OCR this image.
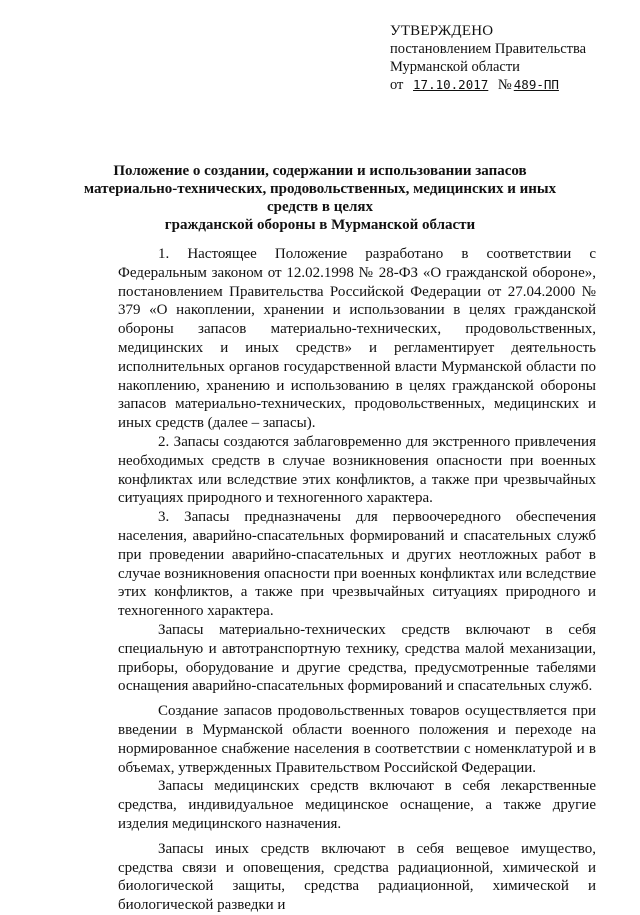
УТВЕРЖДЕНО
постановлением Правительства
Мурманской области
от 17.10.2017 № 489-ПП
Положение о создании, содержании и использовании запасов
материально-технических, продовольственных, медицинских и иных
средств в целях
гражданской обороны в Мурманской области

1. Настоящее Положение разработано в соответствии с Федеральным законом от 12.02.1998 № 28-ФЗ «О гражданской обороне», постановлением Правительства Российской Федерации от 27.04.2000 № 379 «О накоплении, хранении и использовании в целях гражданской обороны запасов материально-технических, продовольственных, медицинских и иных средств» и регламентирует деятельность исполнительных органов государственной власти Мурманской области по накоплению, хранению и использованию в целях гражданской обороны запасов материально-технических, продовольственных, медицинских и иных средств (далее – запасы).

2. Запасы создаются заблаговременно для экстренного привлечения необходимых средств в случае возникновения опасности при военных конфликтах или вследствие этих конфликтов, а также при чрезвычайных ситуациях природного и техногенного характера.

3. Запасы предназначены для первоочередного обеспечения населения, аварийно-спасательных формирований и спасательных служб при проведении аварийно-спасательных и других неотложных работ в случае возникновения опасности при военных конфликтах или вследствие этих конфликтов, а также при чрезвычайных ситуациях природного и техногенного характера.

Запасы материально-технических средств включают в себя специальную и автотранспортную технику, средства малой механизации, приборы, оборудование и другие средства, предусмотренные табелями оснащения аварийно-спасательных формирований и спасательных служб.

Создание запасов продовольственных товаров осуществляется при введении в Мурманской области военного положения и переходе на нормированное снабжение населения в соответствии с номенклатурой и в объемах, утвержденных Правительством Российской Федерации.

Запасы медицинских средств включают в себя лекарственные средства, индивидуальное медицинское оснащение, а также другие изделия медицинского назначения.

Запасы иных средств включают в себя вещевое имущество, средства связи и оповещения, средства радиационной, химической и биологической защиты, средства радиационной, химической и биологической разведки и
